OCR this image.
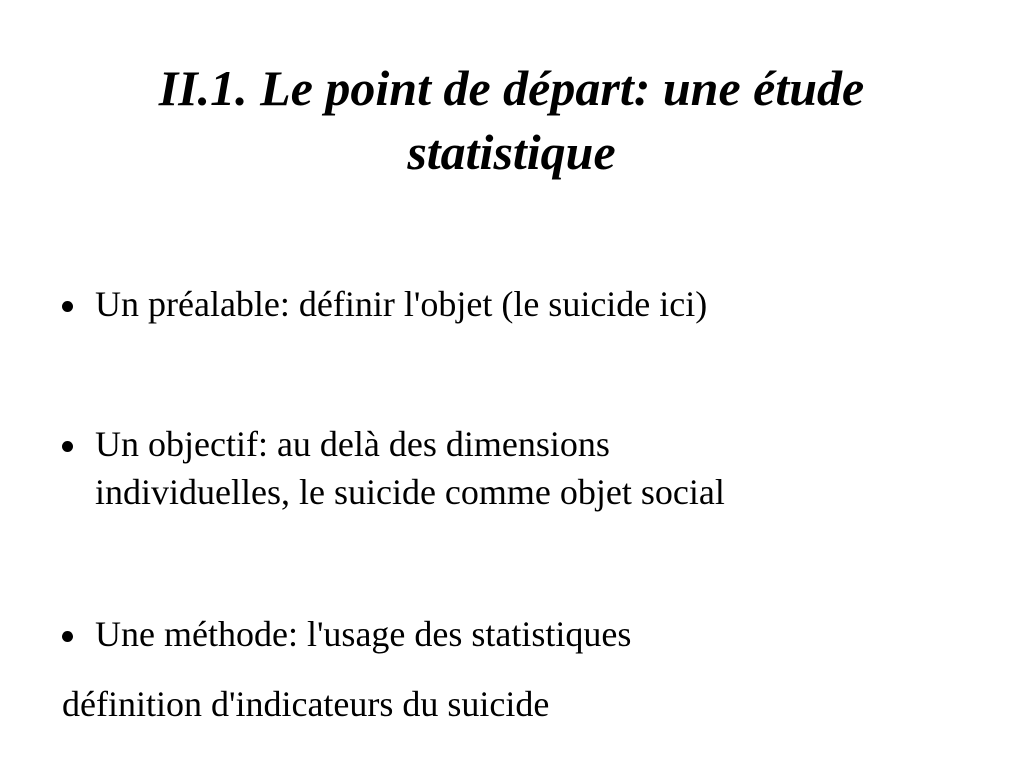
II.1. Le point de départ: une étude
statistique
Un préalable: définir l'objet (le suicide ici)
Un objectif: au delà des dimensions
individuelles, le suicide comme objet social
Une méthode: l'usage des statistiques
définition d'indicateurs du suicide
